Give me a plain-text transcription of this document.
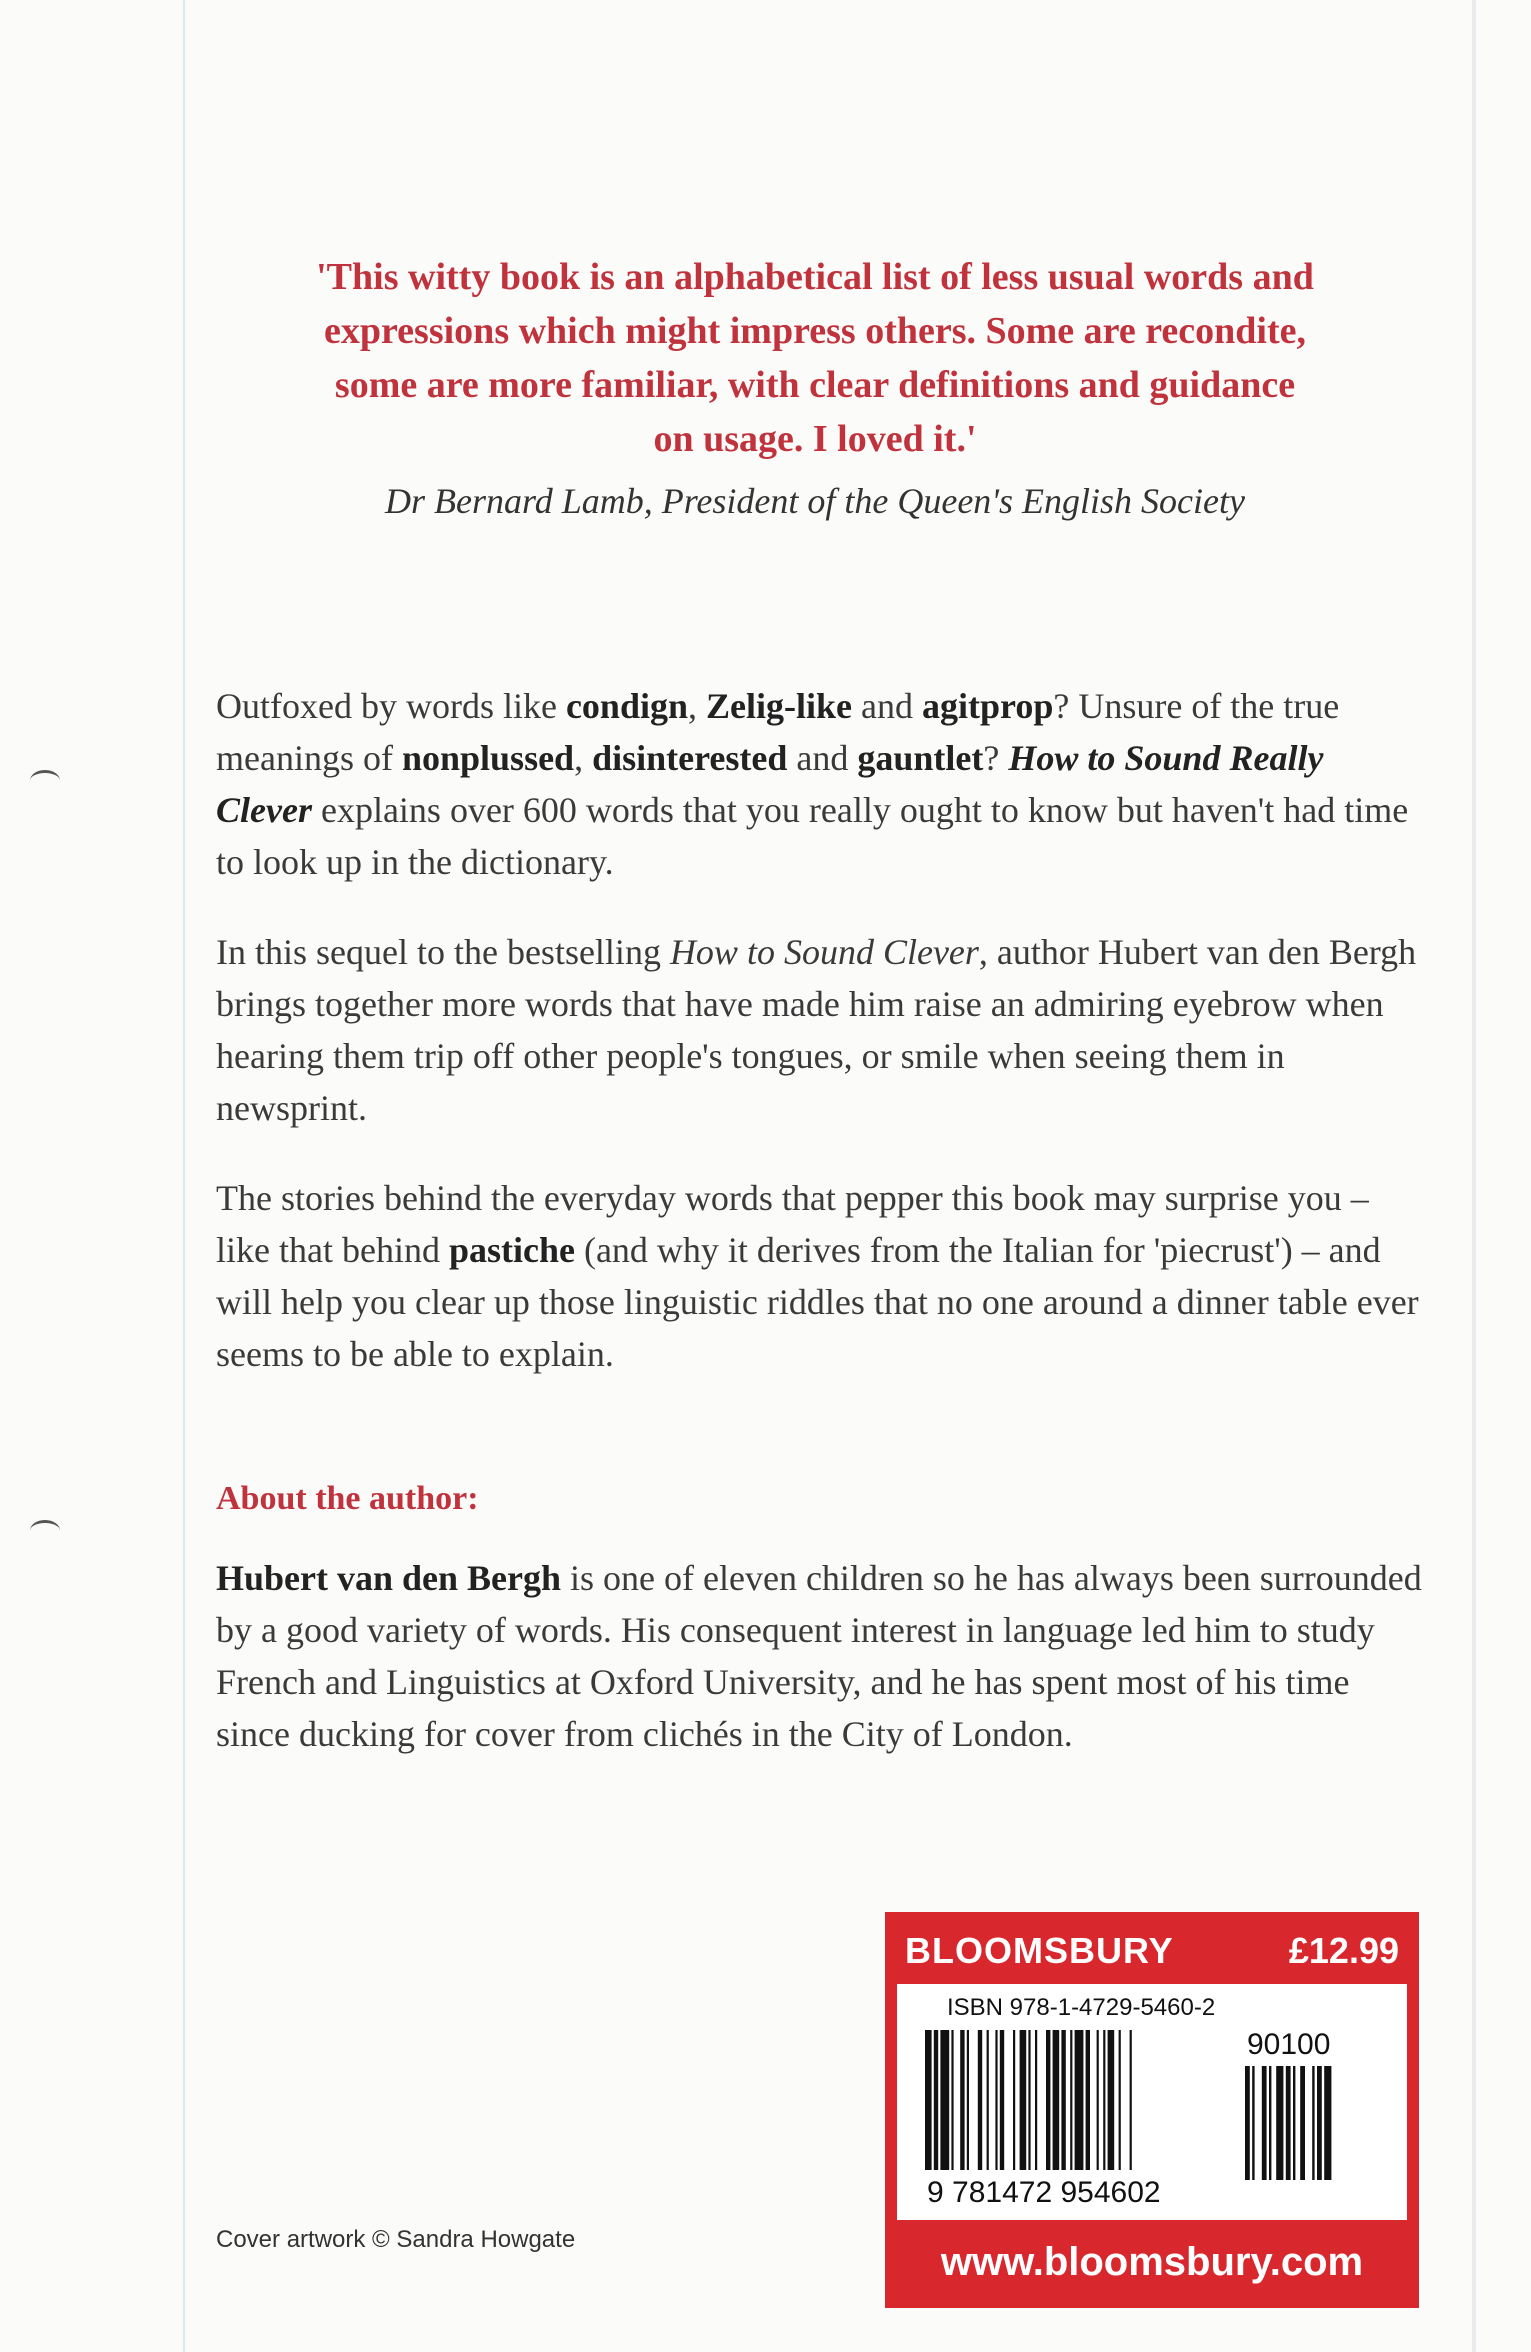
'This witty book is an alphabetical list of less usual words and
expressions which might impress others. Some are recondite,
some are more familiar, with clear definitions and guidance
on usage. I loved it.'
Dr Bernard Lamb, President of the Queen's English Society

Outfoxed by words like condign, Zelig-like and agitprop? Unsure of the true meanings of nonplussed, disinterested and gauntlet? How to Sound Really Clever explains over 600 words that you really ought to know but haven't had time to look up in the dictionary.

In this sequel to the bestselling How to Sound Clever, author Hubert van den Bergh brings together more words that have made him raise an admiring eyebrow when hearing them trip off other people's tongues, or smile when seeing them in newsprint.

The stories behind the everyday words that pepper this book may surprise you – like that behind pastiche (and why it derives from the Italian for 'piecrust') – and will help you clear up those linguistic riddles that no one around a dinner table ever seems to be able to explain.

About the author:

Hubert van den Bergh is one of eleven children so he has always been surrounded by a good variety of words. His consequent interest in language led him to study French and Linguistics at Oxford University, and he has spent most of his time since ducking for cover from clichés in the City of London.

Cover artwork © Sandra Howgate
BLOOMSBURY	£12.99
ISBN 978-1-4729-5460-2
90100
9 781472 954602
www.bloomsbury.com
